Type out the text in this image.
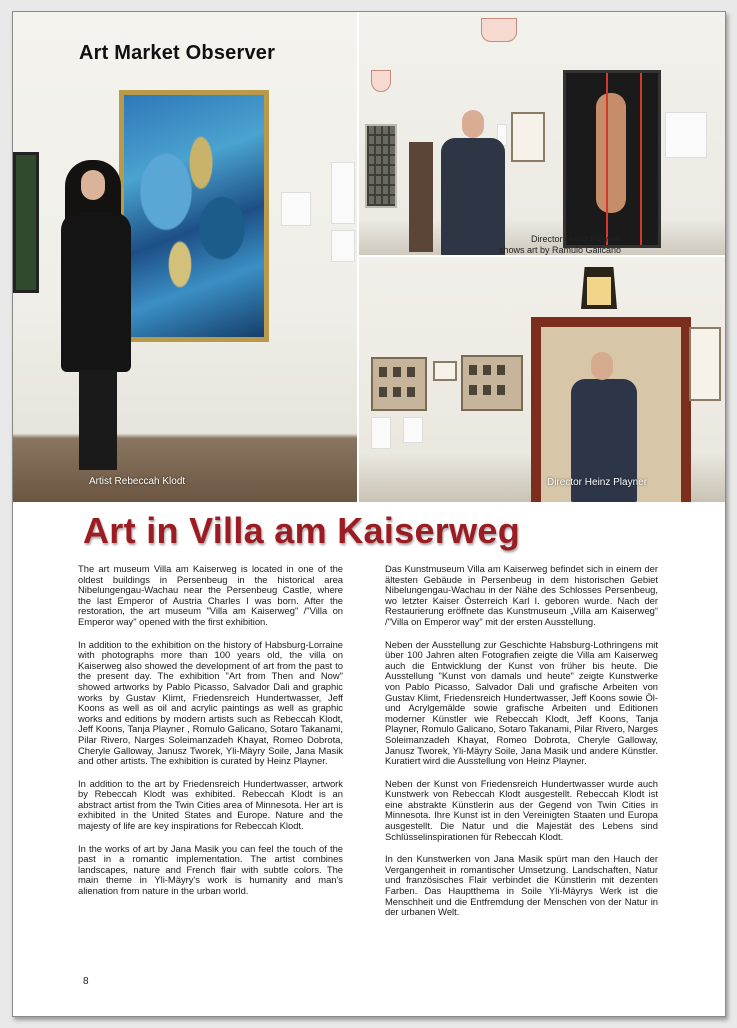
Art Market Observer
Artist Rebeccah Klodt
Director Heinz Playner
shows art by Ramulo Galicano
Director Heinz Playner
Art in Villa am Kaiserweg

The art museum Villa am Kaiserweg is located in one of the oldest buildings in Persenbeug in the historical area Nibelungengau-Wachau near the Persenbeug Castle, where the last Emperor of Austria Charles I was born. After the restoration, the art museum "Villa am Kaiserweg" /"Villa on Emperor way" opened with the first exhibition.

In addition to the exhibition on the history of Habsburg-Lorraine with photographs more than 100 years old, the villa on Kaiserweg also showed the development of art from the past to the present day. The exhibition "Art from Then and Now" showed artworks by Pablo Picasso, Salvador Dali and graphic works by Gustav Klimt, Friedensreich Hundertwasser, Jeff Koons as well as oil and acrylic paintings as well as graphic works and editions by modern artists such as Rebeccah Klodt, Jeff Koons, Tanja Playner , Romulo Galicano, Sotaro Takanami, Pilar Rivero, Narges Soleimanzadeh Khayat, Romeo Dobrota, Cheryle Galloway, Janusz Tworek, Yli-Mäyry Soile, Jana Masik and other artists. The exhibition is curated by Heinz Playner.

In addition to the art by Friedensreich Hundertwasser, artwork by Rebeccah Klodt was exhibited. Rebeccah Klodt is an abstract artist from the Twin Cities area of Minnesota. Her art is exhibited in the United States and Europe. Nature and the majesty of life are key inspirations for Rebeccah Klodt.

In the works of art by Jana Masik you can feel the touch of the past in a romantic implementation. The artist combines landscapes, nature and French flair with subtle colors. The main theme in Yli-Mäyry's work is humanity and man's alienation from nature in the urban world.

Das Kunstmuseum Villa am Kaiserweg befindet sich in einem der ältesten Gebäude in Persenbeug in dem historischen Gebiet Nibelungengau-Wachau in der Nähe des Schlosses Persenbeug, wo letzter Kaiser Österreich Karl I. geboren wurde. Nach der Restaurierung eröffnete das Kunstmuseum „Villa am Kaiserweg“ /"Villa on Emperor way" mit der ersten Ausstellung.

Neben der Ausstellung zur Geschichte Habsburg-Lothringens mit über 100 Jahren alten Fotografien zeigte die Villa am Kaiserweg auch die Entwicklung der Kunst von früher bis heute. Die Ausstellung "Kunst von damals und heute" zeigte Kunstwerke von Pablo Picasso, Salvador Dali und grafische Arbeiten von Gustav Klimt, Friedensreich Hundertwasser, Jeff Koons sowie Öl- und Acrylgemälde sowie grafische Arbeiten und Editionen moderner Künstler wie Rebeccah Klodt, Jeff Koons, Tanja Playner, Romulo Galicano, Sotaro Takanami, Pilar Rivero, Narges Soleimanzadeh Khayat, Romeo Dobrota, Cheryle Galloway, Janusz Tworek, Yli-Mäyry Soile, Jana Masik und andere Künstler. Kuratiert wird die Ausstellung von Heinz Playner.

Neben der Kunst von Friedensreich Hundertwasser wurde auch Kunstwerk von Rebeccah Klodt ausgestellt. Rebeccah Klodt ist eine abstrakte Künstlerin aus der Gegend von Twin Cities in Minnesota. Ihre Kunst ist in den Vereinigten Staaten und Europa ausgestellt. Die Natur und die Majestät des Lebens sind Schlüsselinspirationen für Rebeccah Klodt.

In den Kunstwerken von Jana Masik spürt man den Hauch der Vergangenheit in romantischer Umsetzung. Landschaften, Natur und französisches Flair verbindet die Künstlerin mit dezenten Farben. Das Hauptthema in Soile Yli-Mäyrys Werk ist die Menschheit und die Entfremdung der Menschen von der Natur in der urbanen Welt.

8
